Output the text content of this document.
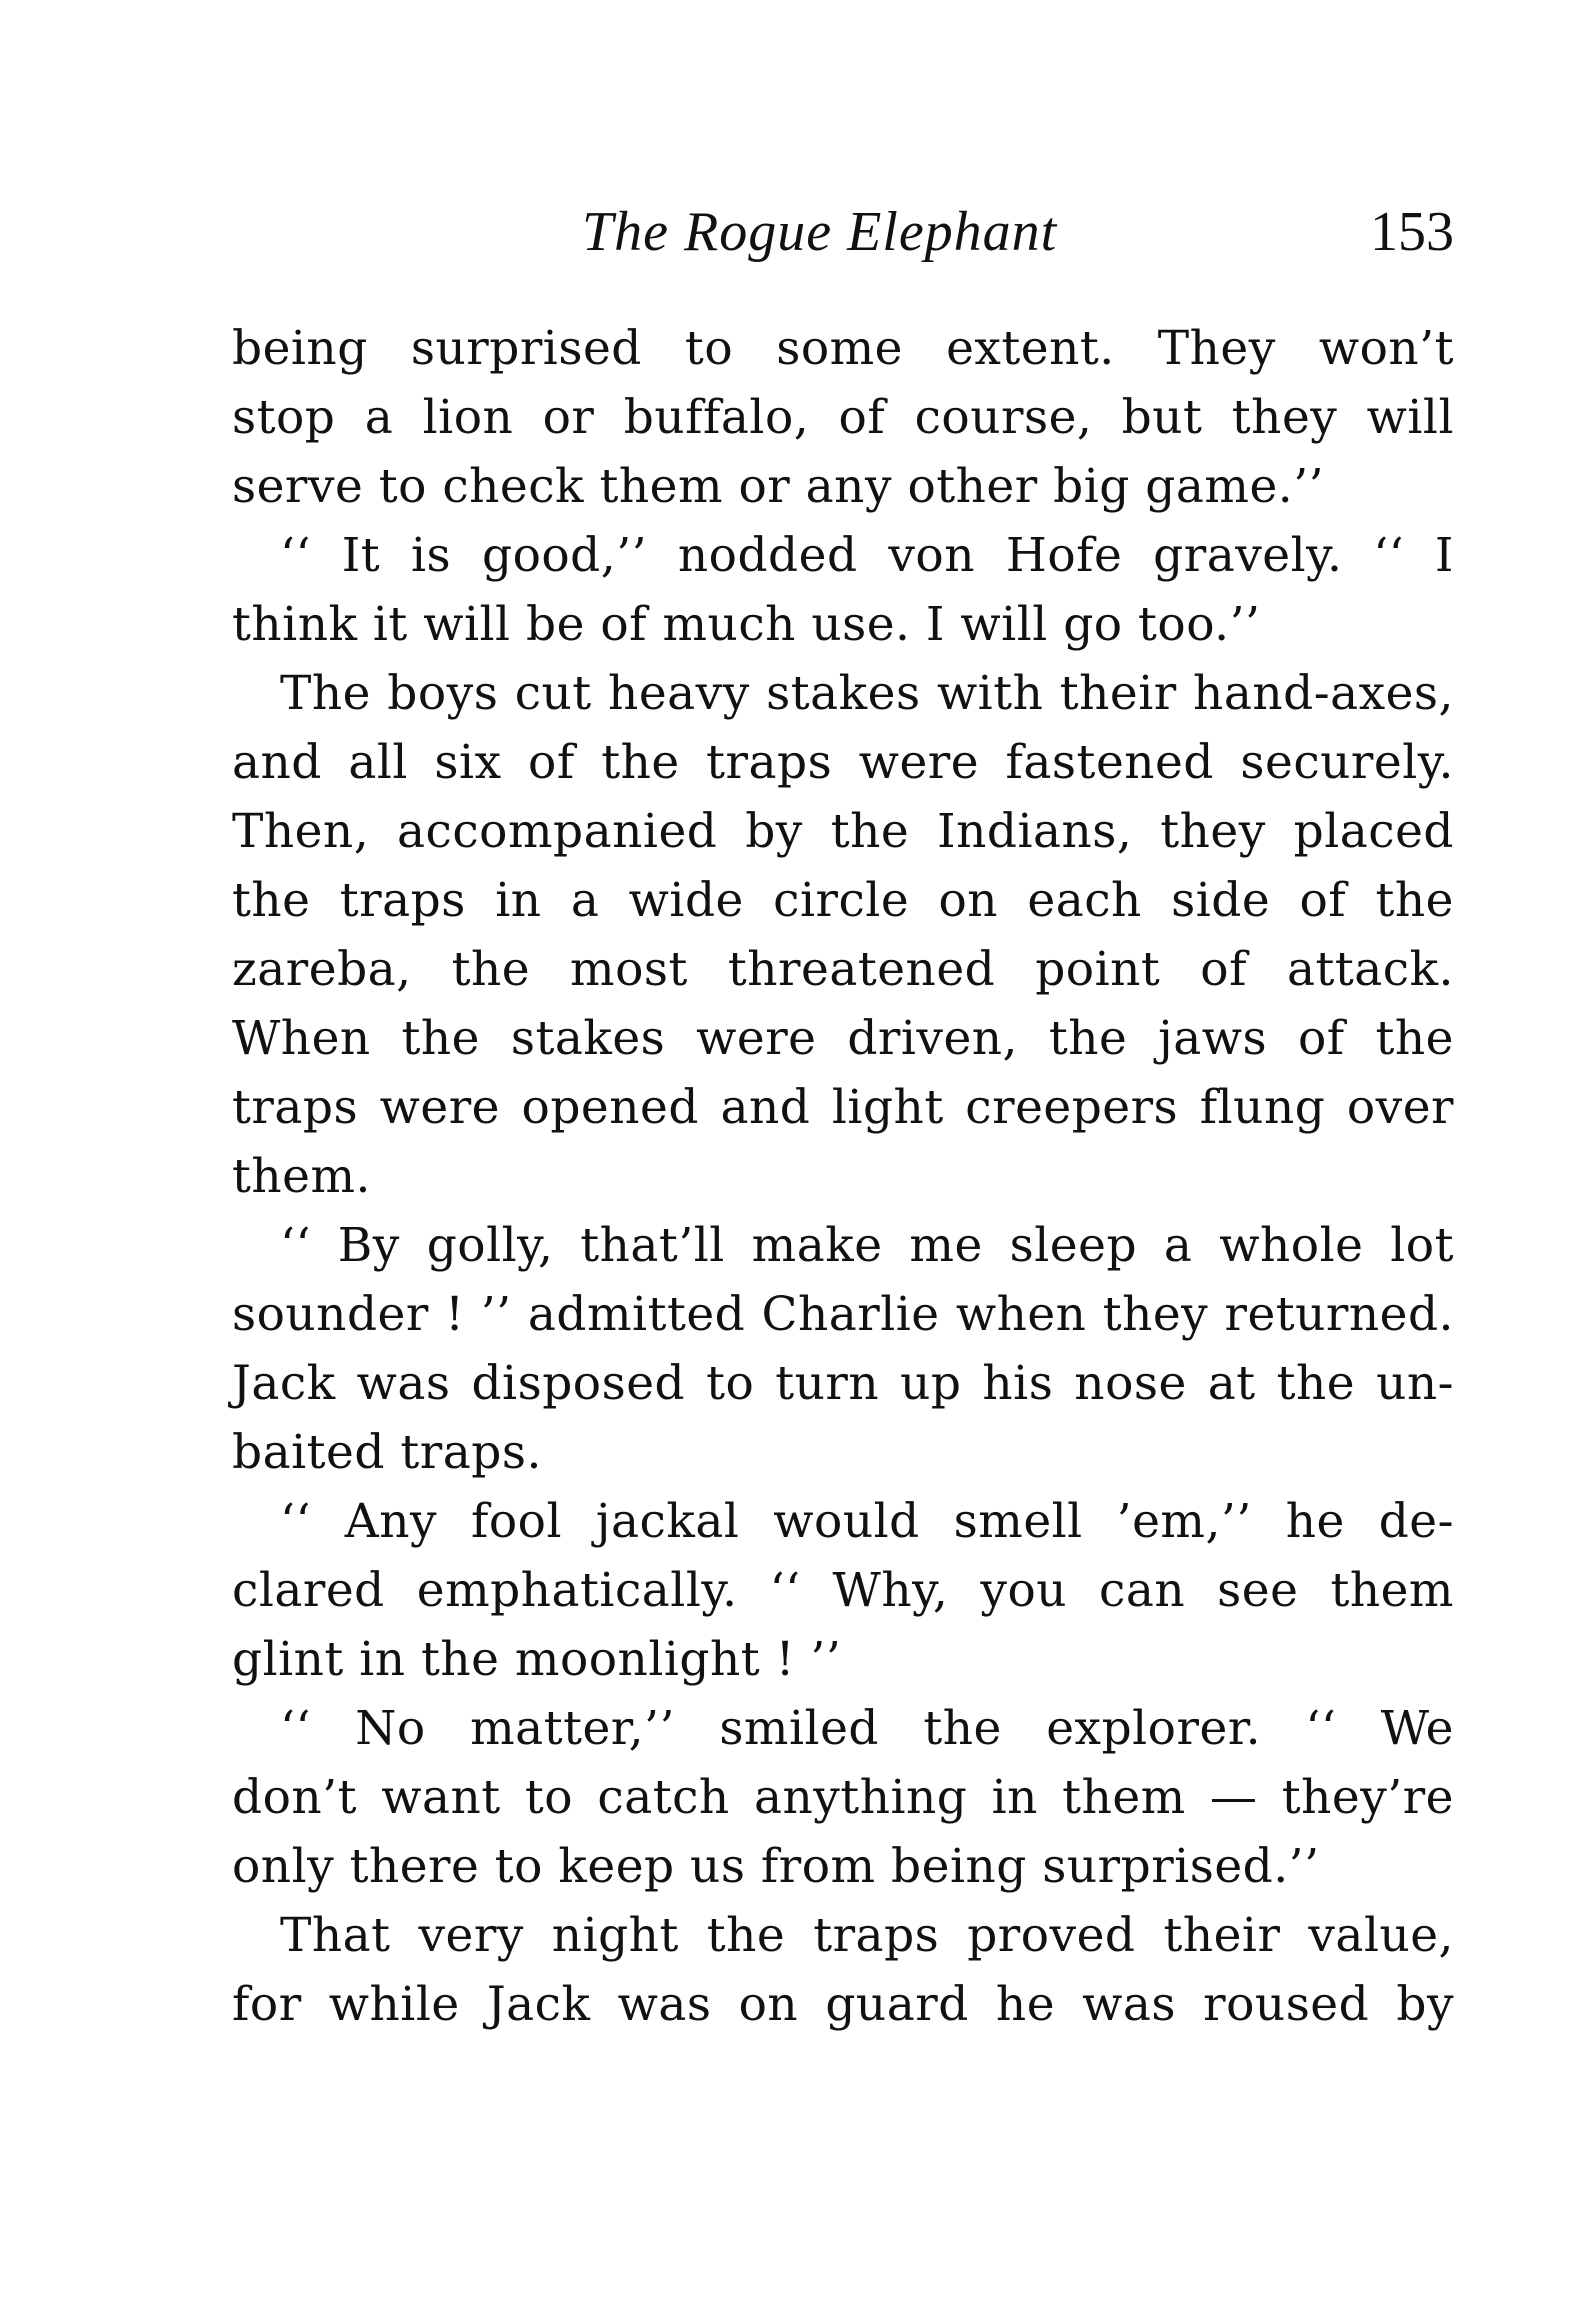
The Rogue Elephant	153
being surprised to some extent. They won’t
stop a lion or buffalo, of course, but they will
serve to check them or any other big game.’’
‘‘ It is good,’’ nodded von Hofe gravely. ‘‘ I
think it will be of much use. I will go too.’’
The boys cut heavy stakes with their hand-axes,
and all six of the traps were fastened securely.
Then, accompanied by the Indians, they placed
the traps in a wide circle on each side of the
zareba, the most threatened point of attack.
When the stakes were driven, the jaws of the
traps were opened and light creepers flung over
them.
‘‘ By golly, that’ll make me sleep a whole lot
sounder ! ’’ admitted Charlie when they returned.
Jack was disposed to turn up his nose at the un-
baited traps.
‘‘ Any fool jackal would smell ’em,’’ he de-
clared emphatically. ‘‘ Why, you can see them
glint in the moonlight ! ’’
‘‘ No matter,’’ smiled the explorer. ‘‘ We
don’t want to catch anything in them — they’re
only there to keep us from being surprised.’’
That very night the traps proved their value,
for while Jack was on guard he was roused by
